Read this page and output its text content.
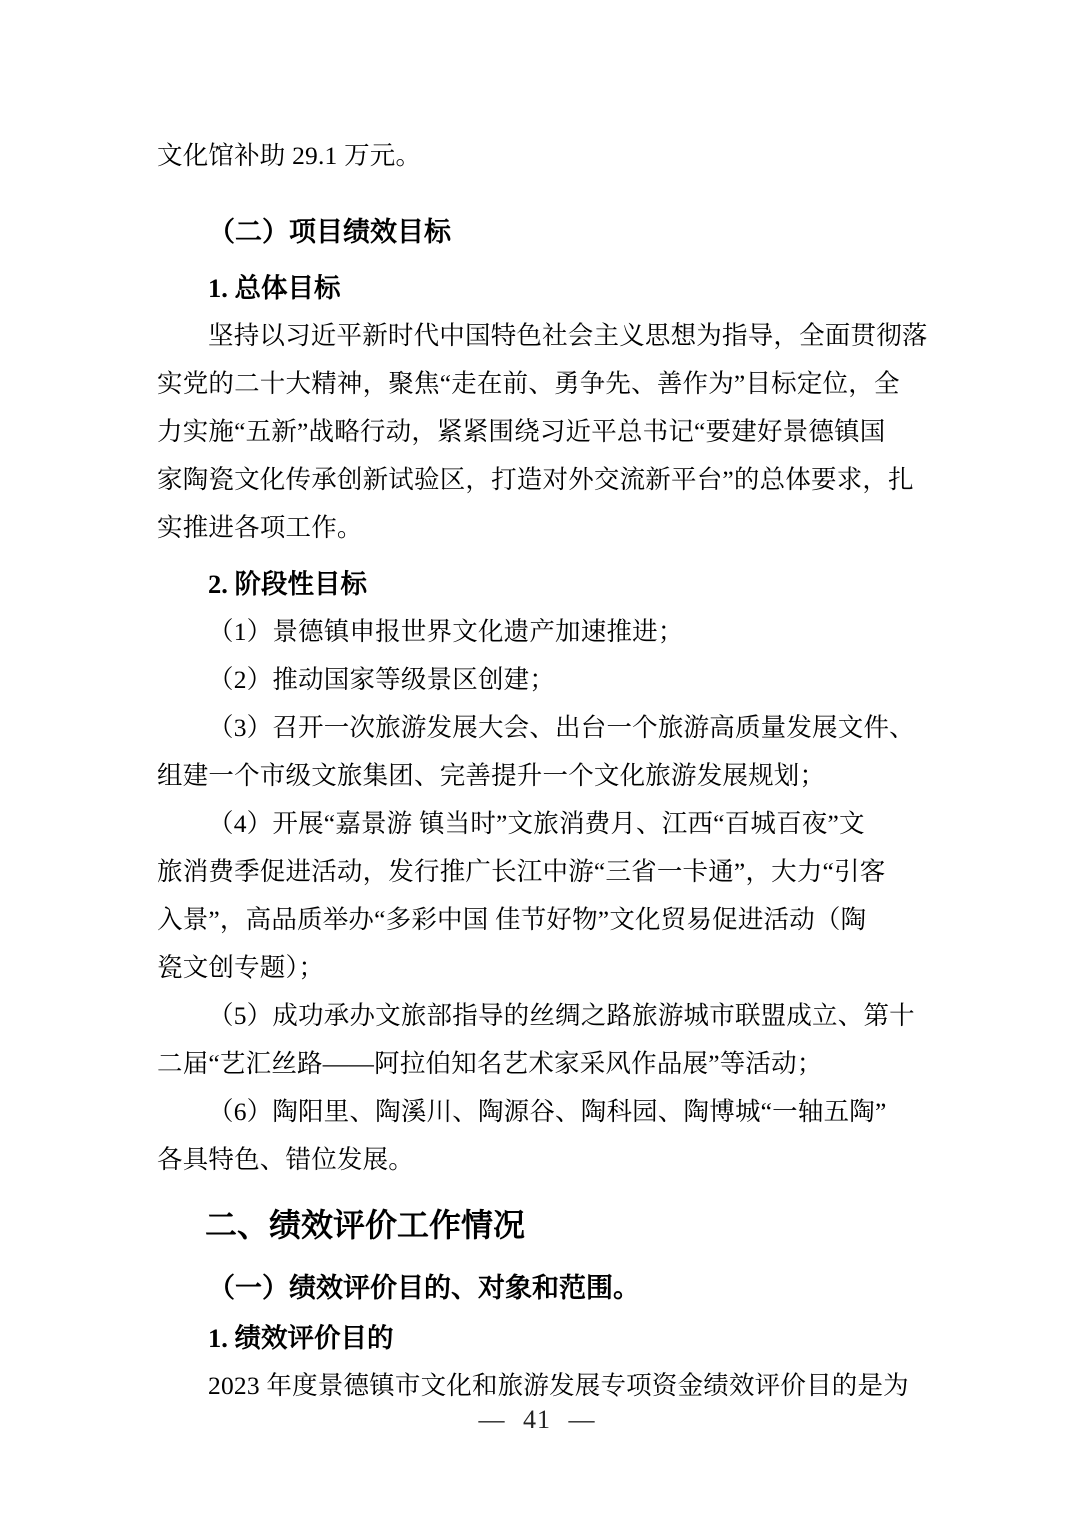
文化馆补助 29.1 万元。
（二）项目绩效目标
1. 总体目标
坚持以习近平新时代中国特色社会主义思想为指导，全面贯彻落
实党的二十大精神，聚焦“走在前、勇争先、善作为”目标定位，全
力实施“五新”战略行动，紧紧围绕习近平总书记“要建好景德镇国
家陶瓷文化传承创新试验区，打造对外交流新平台”的总体要求，扎
实推进各项工作。
2. 阶段性目标
（1）景德镇申报世界文化遗产加速推进；
（2）推动国家等级景区创建；
（3）召开一次旅游发展大会、出台一个旅游高质量发展文件、
组建一个市级文旅集团、完善提升一个文化旅游发展规划；
（4）开展“嘉景游 镇当时”文旅消费月、江西“百城百夜”文
旅消费季促进活动，发行推广长江中游“三省一卡通”，大力“引客
入景”，高品质举办“多彩中国 佳节好物”文化贸易促进活动（陶
瓷文创专题）；
（5）成功承办文旅部指导的丝绸之路旅游城市联盟成立、第十
二届“艺汇丝路——阿拉伯知名艺术家采风作品展”等活动；
（6）陶阳里、陶溪川、陶源谷、陶科园、陶博城“一轴五陶”
各具特色、错位发展。
二、绩效评价工作情况
（一）绩效评价目的、对象和范围。
1. 绩效评价目的
2023 年度景德镇市文化和旅游发展专项资金绩效评价目的是为
— 41 —
